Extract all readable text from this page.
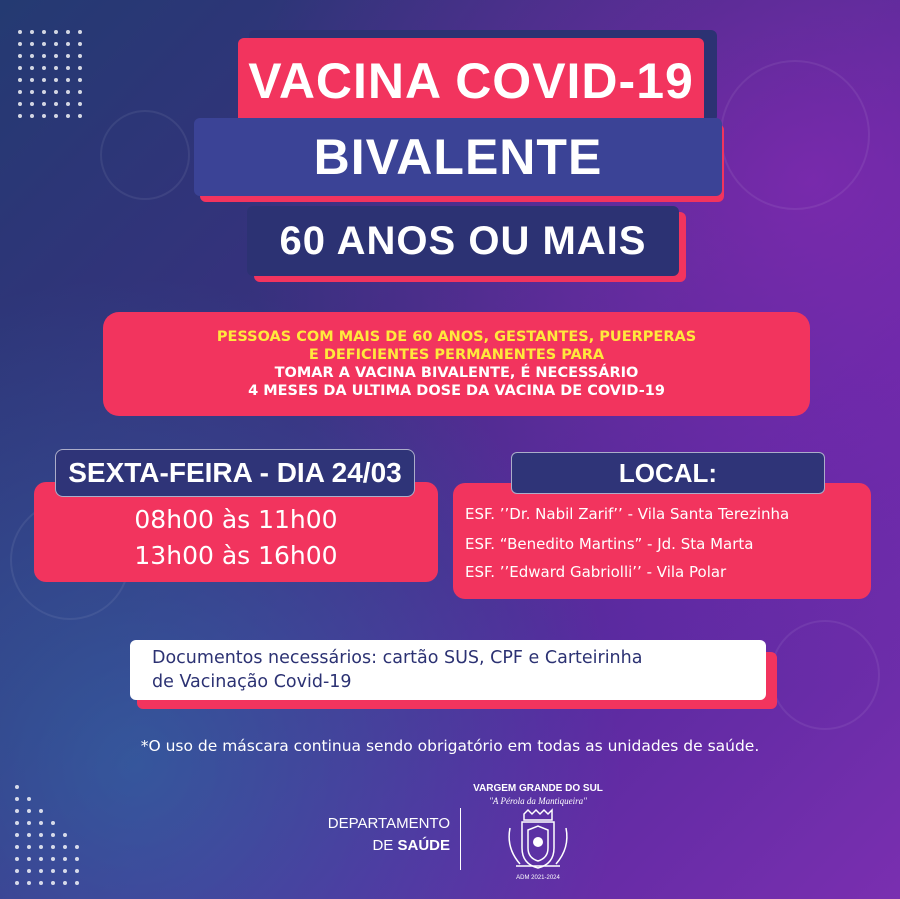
VACINA COVID-19
BIVALENTE
60 ANOS OU MAIS
PESSOAS COM MAIS DE 60 ANOS, GESTANTES, PUERPERAS
E DEFICIENTES PERMANENTES PARA
TOMAR A VACINA BIVALENTE, É NECESSÁRIO
4 MESES DA ULTIMA DOSE DA VACINA DE COVID-19
SEXTA-FEIRA - DIA 24/03
08h00 às 11h00
13h00 às 16h00
LOCAL:
ESF. ’’Dr. Nabil Zarif’’ - Vila Santa Terezinha
ESF. “Benedito Martins” - Jd. Sta Marta
ESF. ’’Edward Gabriolli’’ - Vila Polar
Documentos necessários: cartão SUS, CPF e Carteirinha
de Vacinação Covid-19
*O uso de máscara continua sendo obrigatório em todas as unidades de saúde.
DEPARTAMENTO
DE SAÚDE
VARGEM GRANDE DO SUL
"A Pérola da Mantiqueira"
ADM 2021-2024
